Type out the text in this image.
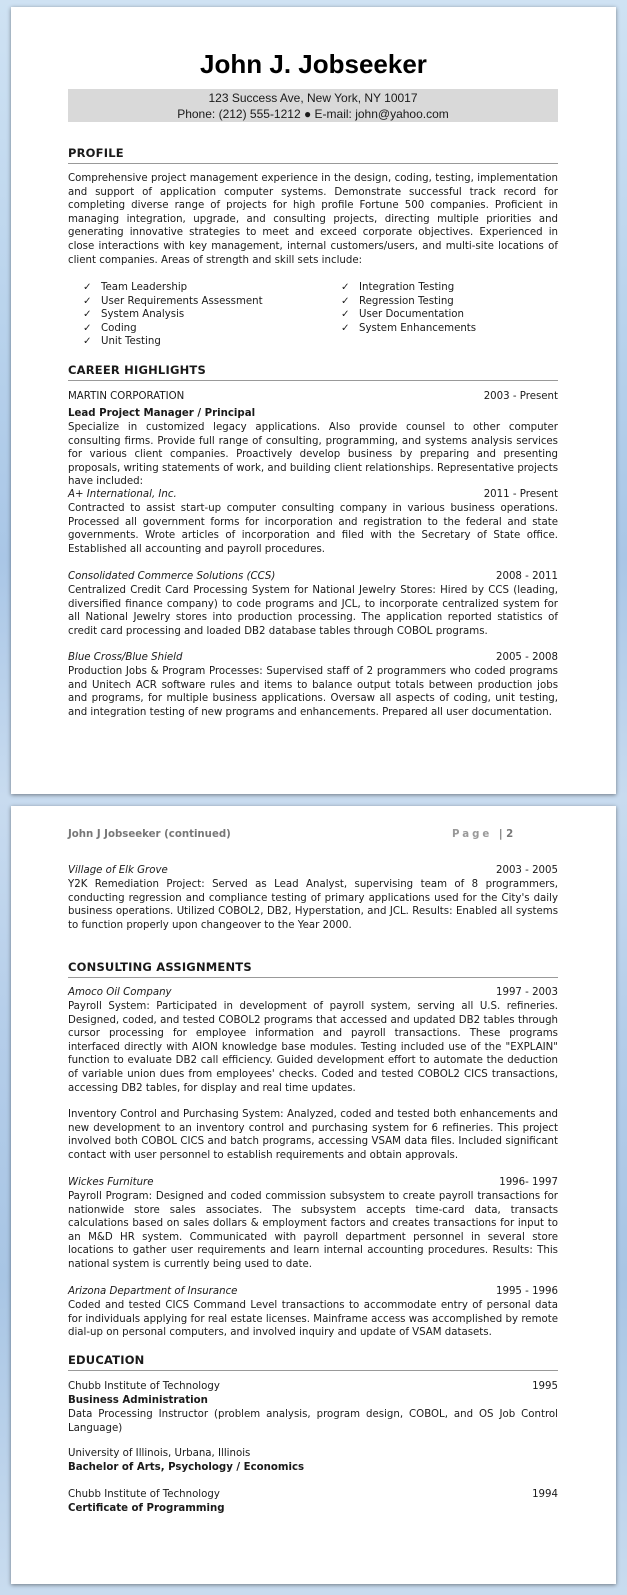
John J. Jobseeker
123 Success Ave, New York, NY 10017
Phone: (212) 555-1212 ● E-mail: john@yahoo.com
PROFILE
Comprehensive project management experience in the design, coding, testing, implementation and support of application computer systems. Demonstrate successful track record for completing diverse range of projects for high profile Fortune 500 companies. Proficient in managing integration, upgrade, and consulting projects, directing multiple priorities and generating innovative strategies to meet and exceed corporate objectives. Experienced in close interactions with key management, internal customers/users, and multi-site locations of client companies. Areas of strength and skill sets include:
✓ Team Leadership
✓ User Requirements Assessment
✓ System Analysis
✓ Coding
✓ Unit Testing
✓ Integration Testing
✓ Regression Testing
✓ User Documentation
✓ System Enhancements
CAREER HIGHLIGHTS
MARTIN CORPORATION	2003 - Present
Lead Project Manager / Principal
Specialize in customized legacy applications. Also provide counsel to other computer consulting firms. Provide full range of consulting, programming, and systems analysis services for various client companies. Proactively develop business by preparing and presenting proposals, writing statements of work, and building client relationships. Representative projects have included:
A+ International, Inc.	2011 - Present
Contracted to assist start-up computer consulting company in various business operations. Processed all government forms for incorporation and registration to the federal and state governments. Wrote articles of incorporation and filed with the Secretary of State office. Established all accounting and payroll procedures.
Consolidated Commerce Solutions (CCS)	2008 - 2011
Centralized Credit Card Processing System for National Jewelry Stores: Hired by CCS (leading, diversified finance company) to code programs and JCL, to incorporate centralized system for all National Jewelry stores into production processing. The application reported statistics of credit card processing and loaded DB2 database tables through COBOL programs.
Blue Cross/Blue Shield	2005 - 2008
Production Jobs & Program Processes: Supervised staff of 2 programmers who coded programs and Unitech ACR software rules and items to balance output totals between production jobs and programs, for multiple business applications. Oversaw all aspects of coding, unit testing, and integration testing of new programs and enhancements. Prepared all user documentation.
John J Jobseeker (continued)	Page | 2
Village of Elk Grove	2003 - 2005
Y2K Remediation Project: Served as Lead Analyst, supervising team of 8 programmers, conducting regression and compliance testing of primary applications used for the City's daily business operations. Utilized COBOL2, DB2, Hyperstation, and JCL. Results: Enabled all systems to function properly upon changeover to the Year 2000.
CONSULTING ASSIGNMENTS
Amoco Oil Company	1997 - 2003
Payroll System: Participated in development of payroll system, serving all U.S. refineries. Designed, coded, and tested COBOL2 programs that accessed and updated DB2 tables through cursor processing for employee information and payroll transactions. These programs interfaced directly with AION knowledge base modules. Testing included use of the "EXPLAIN" function to evaluate DB2 call efficiency. Guided development effort to automate the deduction of variable union dues from employees' checks. Coded and tested COBOL2 CICS transactions, accessing DB2 tables, for display and real time updates.
Inventory Control and Purchasing System: Analyzed, coded and tested both enhancements and new development to an inventory control and purchasing system for 6 refineries. This project involved both COBOL CICS and batch programs, accessing VSAM data files. Included significant contact with user personnel to establish requirements and obtain approvals.
Wickes Furniture	1996- 1997
Payroll Program: Designed and coded commission subsystem to create payroll transactions for nationwide store sales associates. The subsystem accepts time-card data, transacts calculations based on sales dollars & employment factors and creates transactions for input to an M&D HR system. Communicated with payroll department personnel in several store locations to gather user requirements and learn internal accounting procedures. Results: This national system is currently being used to date.
Arizona Department of Insurance	1995 - 1996
Coded and tested CICS Command Level transactions to accommodate entry of personal data for individuals applying for real estate licenses. Mainframe access was accomplished by remote dial-up on personal computers, and involved inquiry and update of VSAM datasets.
EDUCATION
Chubb Institute of Technology	1995
Business Administration
Data Processing Instructor (problem analysis, program design, COBOL, and OS Job Control Language)
University of Illinois, Urbana, Illinois
Bachelor of Arts, Psychology / Economics
Chubb Institute of Technology	1994
Certificate of Programming
